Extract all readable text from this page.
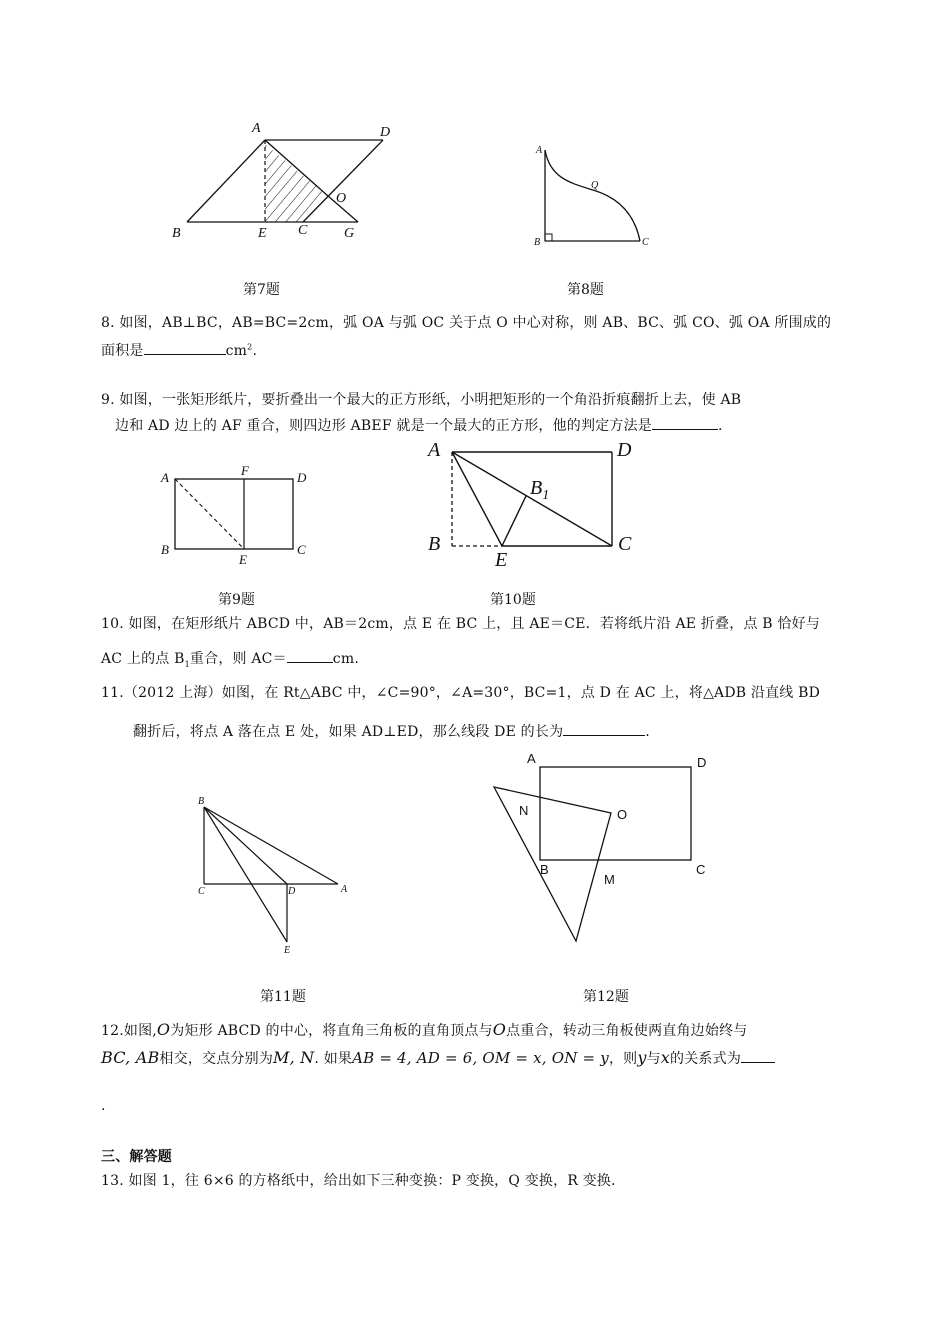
A	D
B	E C	G
O
第7题
A
B	C
Q
第8题
8. 如图，AB⊥BC，AB=BC=2cm，弧 OA 与弧 OC 关于点 O 中心对称，则 AB、BC、弧 CO、弧 OA 所围成的
面积是	$cm^2$.
9. 如图，一张矩形纸片，要折叠出一个最大的正方形纸，小明把矩形的一个角沿折痕翻折上去，使 AB
边和 AD 边上的 AF 重合，则四边形 ABEF 就是一个最大的正方形，他的判定方法是	.
A	F	D
B
E
C
第9题
A	D
B
E
C
$B_1$
第10题
10. 如图，在矩形纸片 ABCD 中，AB＝2cm，点 E 在 BC 上，且 AE＝CE．若将纸片沿 AE 折叠，点 B 恰好与
AC 上的点 $B_1$重合，则 AC＝	cm.
11.（2012 上海）如图，在 Rt△ABC 中，∠C=90°，∠A=30°，BC=1，点 D 在 AC 上，将△ADB 沿直线 BD
翻折后，将点 A 落在点 E 处，如果 AD⊥ED，那么线段 DE 的长为	.
B
C	D	A
E
第11题
A	D
N	O
B
M
C
第12题
12.如图,O为矩形 ABCD 的中心，将直角三角板的直角顶点与O点重合，转动三角板使两直角边始终与
BC, AB相交，交点分别为M, N. 如果AB = 4, AD = 6, OM = x, ON = y，则y与x的关系式为
.
三、解答题
13. 如图 1，往 6×6 的方格纸中，给出如下三种变换：P 变换，Q 变换，R 变换．
